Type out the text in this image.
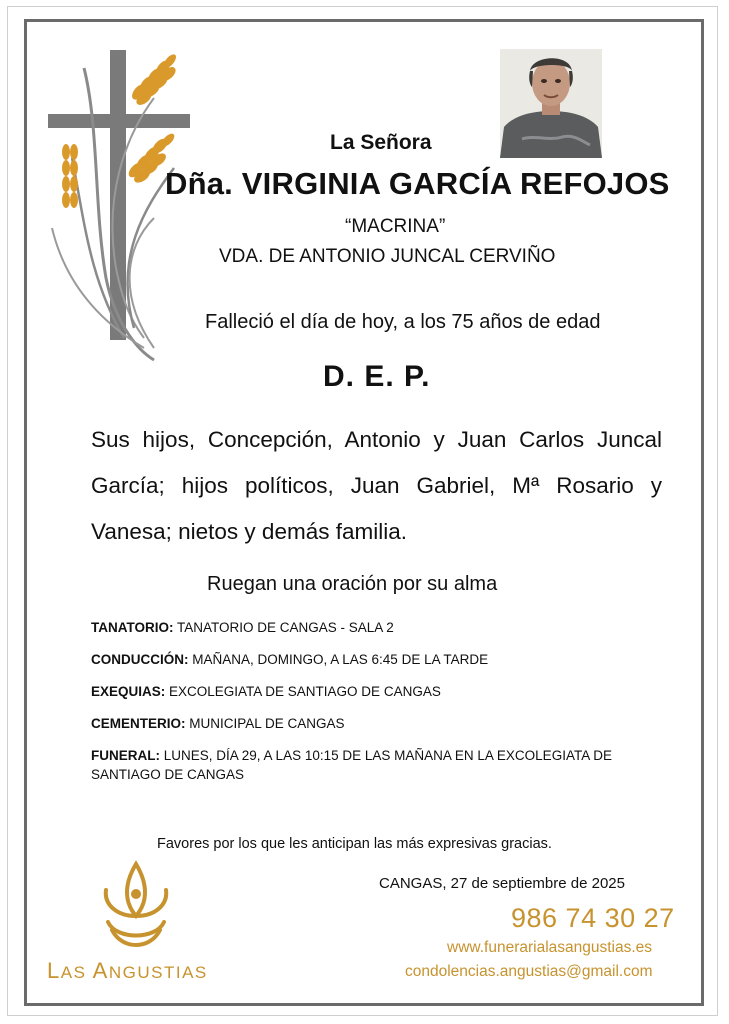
La Señora
Dña. VIRGINIA GARCÍA REFOJOS
“MACRINA”
VDA. DE ANTONIO JUNCAL CERVIÑO
Falleció el día de hoy, a los 75 años de edad
D. E. P.
Sus hijos, Concepción, Antonio y Juan Carlos Juncal García; hijos políticos, Juan Gabriel, Mª Rosario y Vanesa; nietos y demás familia.
Ruegan una oración por su alma
TANATORIO: TANATORIO DE CANGAS - SALA 2
CONDUCCIÓN: MAÑANA, DOMINGO, A LAS 6:45 DE LA TARDE
EXEQUIAS: EXCOLEGIATA DE SANTIAGO DE CANGAS
CEMENTERIO: MUNICIPAL DE CANGAS
FUNERAL: LUNES, DÍA 29, A LAS 10:15 DE LAS MAÑANA EN LA EXCOLEGIATA DE SANTIAGO DE CANGAS
Favores por los que les anticipan las más expresivas gracias.
CANGAS, 27 de septiembre de 2025
986 74 30 27
www.funerarialasangustias.es
condolencias.angustias@gmail.com
LAS ANGUSTIAS
